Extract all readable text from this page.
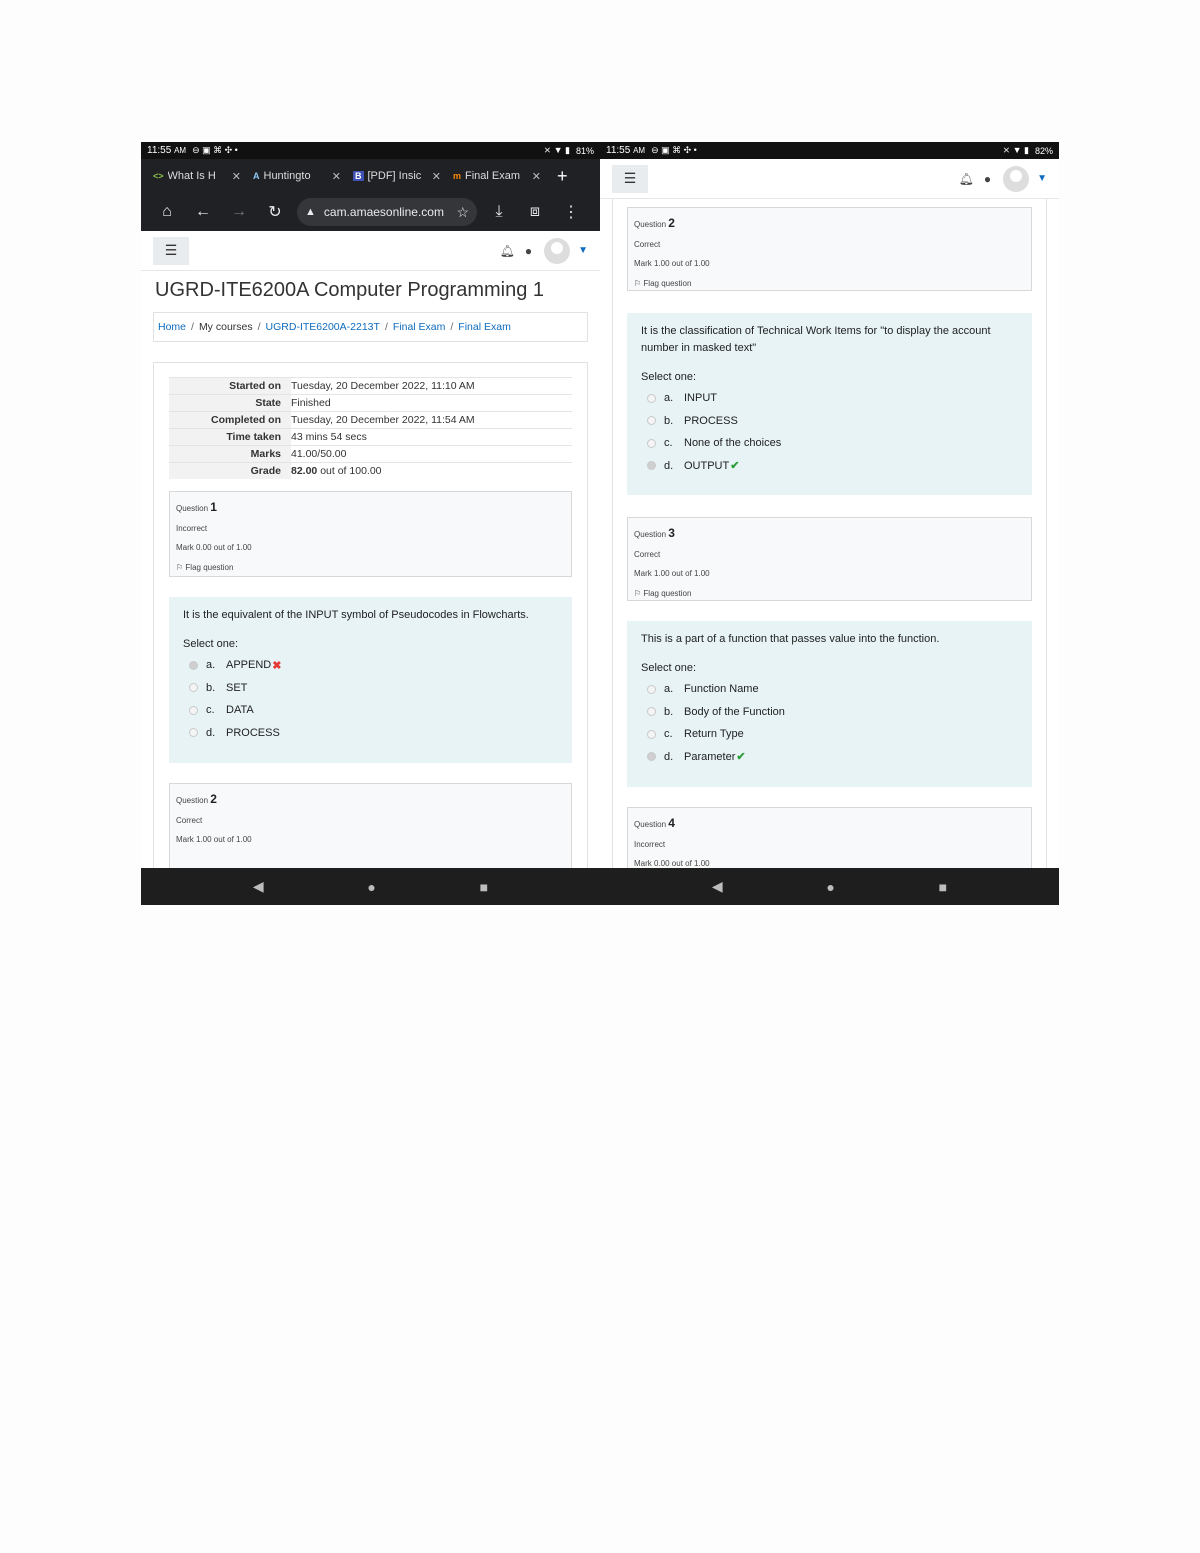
11:55
AM ⊖ ▣ ⌘ ✣ •	⨯ ▼ ▮ 81%
<> What Is H	✕ A Huntingto	✕ B [PDF] Insic ✕ m Final Exam	✕ +
⌂	←	→	↻	▲ cam.amaesonline.com ☆	⤓	⧈	⋮
☰	🔔︎ ●	▼
UGRD-ITE6200A Computer Programming 1
Home / My courses / UGRD-ITE6200A-2213T / Final Exam / Final Exam
Started on	Tuesday, 20 December 2022, 11:10 AM
State	Finished
Completed on	Tuesday, 20 December 2022, 11:54 AM
Time taken	43 mins 54 secs
Marks	41.00/50.00
Grade	82.00 out of 100.00
Question 1
Incorrect
Mark 0.00 out of 1.00
⚐ Flag question
It is the equivalent of the INPUT symbol of Pseudocodes in Flowcharts.
Select one:
a. APPEND ✖
b. SET
c.	DATA
d. PROCESS
Question 2
Correct
Mark 1.00 out of 1.00
11:55
AM ⊖ ▣ ⌘ ✣ •	⨯ ▼ ▮ 82%
☰	🔔︎ ●	▼
Question 2
Correct
Mark 1.00 out of 1.00
⚐ Flag question
It is the classification of Technical Work Items for "to display the account number in masked text"
Select one:
a. INPUT
b. PROCESS
c.	None of the choices
d. OUTPUT ✔
Question 3
Correct
Mark 1.00 out of 1.00
⚐ Flag question
This is a part of a function that passes value into the function.
Select one:
a. Function Name
b. Body of the Function
c.	Return Type
d. Parameter ✔
Question 4
Incorrect
Mark 0.00 out of 1.00
◀	●	■	◀	●	■
